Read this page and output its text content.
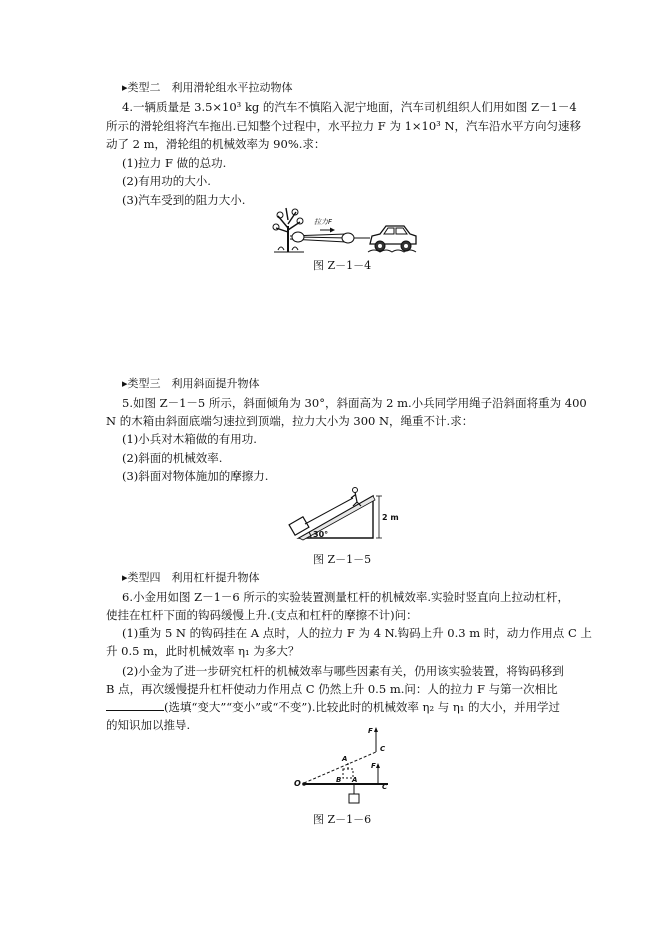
▸类型二　利用滑轮组水平拉动物体
4.一辆质量是 3.5×10³ kg 的汽车不慎陷入泥宁地面，汽车司机组织人们用如图 Z－1－4
所示的滑轮组将汽车拖出.已知整个过程中，水平拉力 F 为 1×10³ N，汽车沿水平方向匀速移
动了 2 m，滑轮组的机械效率为 90%.求：
(1)拉力 F 做的总功.
(2)有用功的大小.
(3)汽车受到的阻力大小.
拉力F
图 Z－1－4
▸类型三　利用斜面提升物体
5.如图 Z－1－5 所示，斜面倾角为 30°，斜面高为 2 m.小兵同学用绳子沿斜面将重为 400
N 的木箱由斜面底端匀速拉到顶端，拉力大小为 300 N，绳重不计.求：
(1)小兵对木箱做的有用功.
(2)斜面的机械效率.
(3)斜面对物体施加的摩擦力.
2 m
30°
图 Z－1－5
▸类型四　利用杠杆提升物体
6.小金用如图 Z－1－6 所示的实验装置测量杠杆的机械效率.实验时竖直向上拉动杠杆，
使挂在杠杆下面的钩码缓慢上升.(支点和杠杆的摩擦不计)问：
(1)重为 5 N 的钩码挂在 A 点时，人的拉力 F 为 4 N.钩码上升 0.3 m 时，动力作用点 C 上
升 0.5 m，此时机械效率 η₁ 为多大？
(2)小金为了进一步研究杠杆的机械效率与哪些因素有关，仍用该实验装置，将钩码移到
B 点，再次缓慢提升杠杆使动力作用点 C 仍然上升 0.5 m.问：人的拉力 F 与第一次相比
(选填“变大”“变小”或“不变”).比较此时的机械效率 η₂ 与 η₁ 的大小，并用学过
的知识加以推导.
O	B A
A
C
C
F
F
图 Z－1－6
